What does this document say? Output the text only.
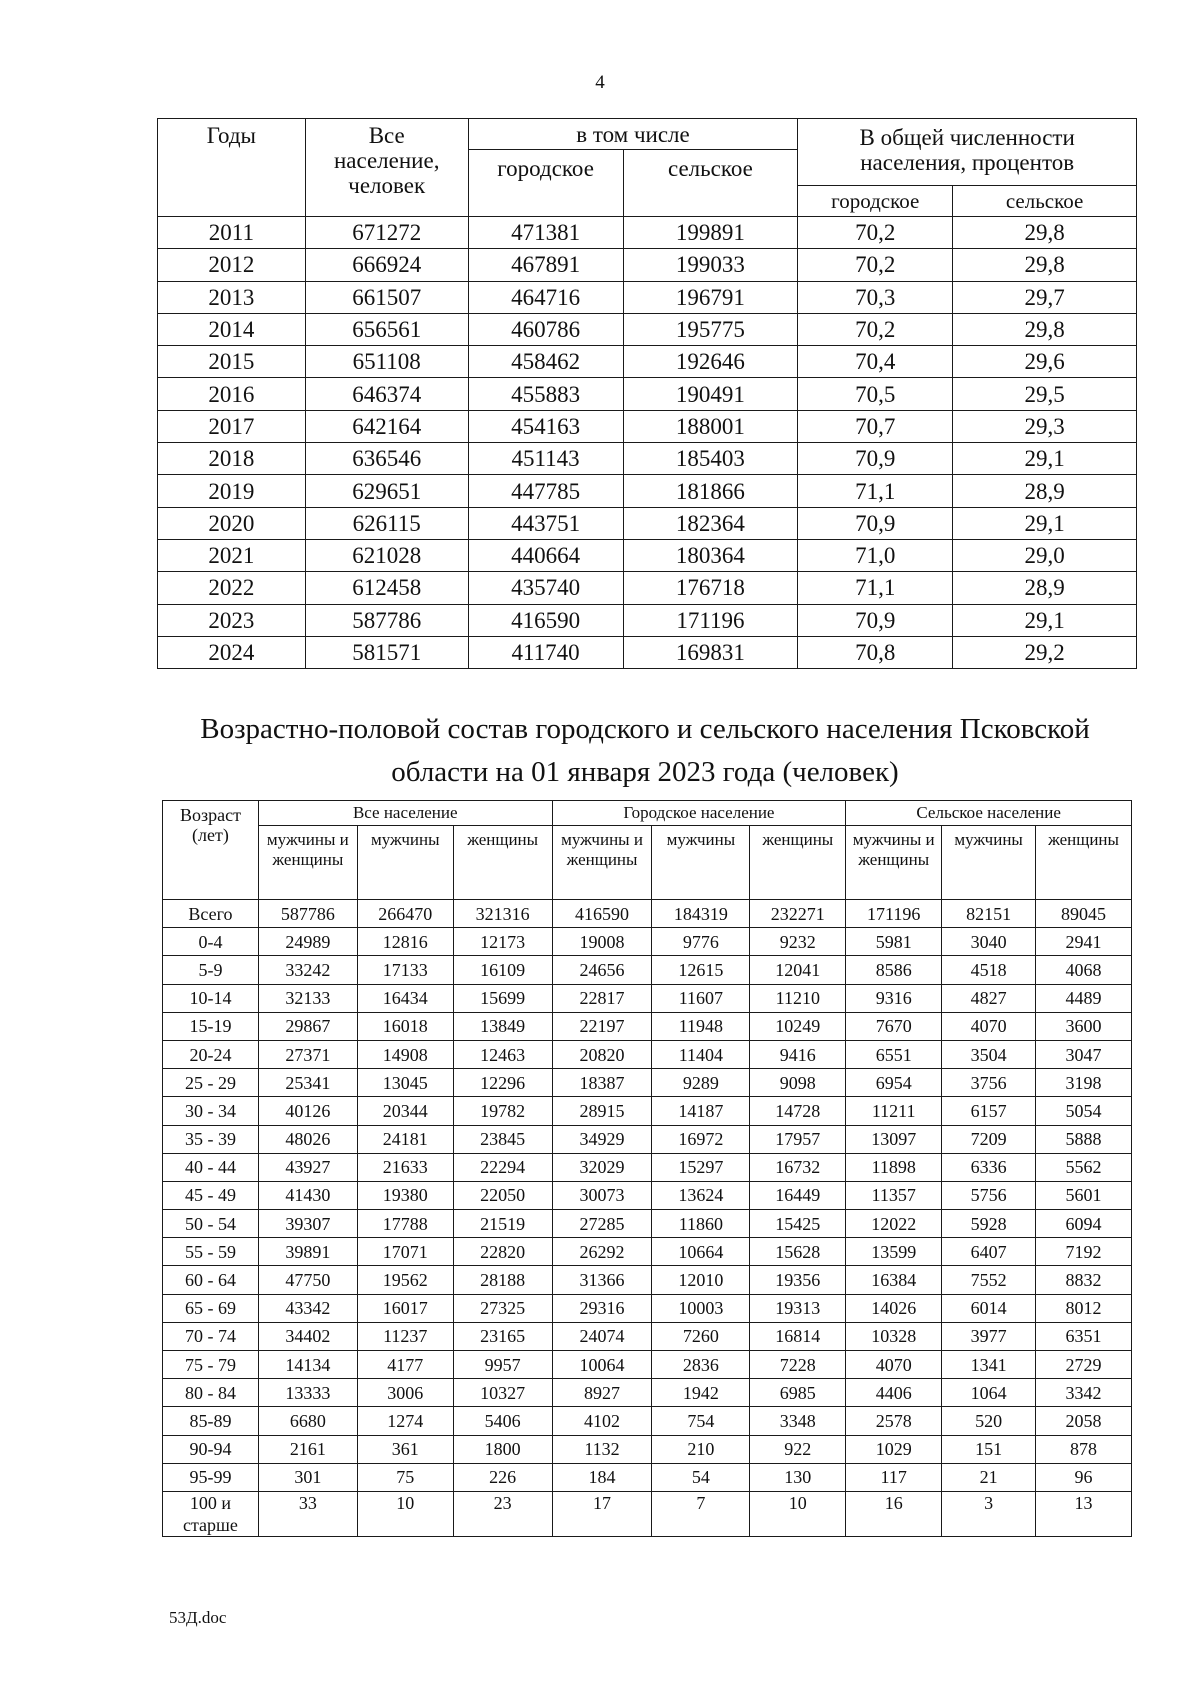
4
Годы	Все население, человек	в том числе		В общей численности населения, процентов	
		городское	сельское		
				городское	сельское
2011	671272	471381	199891	70,2	29,8
2012	666924	467891	199033	70,2	29,8
2013	661507	464716	196791	70,3	29,7
2014	656561	460786	195775	70,2	29,8
2015	651108	458462	192646	70,4	29,6
2016	646374	455883	190491	70,5	29,5
2017	642164	454163	188001	70,7	29,3
2018	636546	451143	185403	70,9	29,1
2019	629651	447785	181866	71,1	28,9
2020	626115	443751	182364	70,9	29,1
2021	621028	440664	180364	71,0	29,0
2022	612458	435740	176718	71,1	28,9
2023	587786	416590	171196	70,9	29,1
2024	581571	411740	169831	70,8	29,2
Возрастно-половой состав городского и сельского населения Псковской области на 01 января 2023 года (человек)
Возраст (лет)	Все население			Городское население			Сельское население		
	мужчины и женщины	мужчины	женщины	мужчины и женщины	мужчины	женщины	мужчины и женщины	мужчины	женщины
Всего	587786	266470	321316	416590	184319	232271	171196	82151	89045
0-4	24989	12816	12173	19008	9776	9232	5981	3040	2941
5-9	33242	17133	16109	24656	12615	12041	8586	4518	4068
10-14	32133	16434	15699	22817	11607	11210	9316	4827	4489
15-19	29867	16018	13849	22197	11948	10249	7670	4070	3600
20-24	27371	14908	12463	20820	11404	9416	6551	3504	3047
25 - 29	25341	13045	12296	18387	9289	9098	6954	3756	3198
30 - 34	40126	20344	19782	28915	14187	14728	11211	6157	5054
35 - 39	48026	24181	23845	34929	16972	17957	13097	7209	5888
40 - 44	43927	21633	22294	32029	15297	16732	11898	6336	5562
45 - 49	41430	19380	22050	30073	13624	16449	11357	5756	5601
50 - 54	39307	17788	21519	27285	11860	15425	12022	5928	6094
55 - 59	39891	17071	22820	26292	10664	15628	13599	6407	7192
60 - 64	47750	19562	28188	31366	12010	19356	16384	7552	8832
65 - 69	43342	16017	27325	29316	10003	19313	14026	6014	8012
70 - 74	34402	11237	23165	24074	7260	16814	10328	3977	6351
75 - 79	14134	4177	9957	10064	2836	7228	4070	1341	2729
80 - 84	13333	3006	10327	8927	1942	6985	4406	1064	3342
85-89	6680	1274	5406	4102	754	3348	2578	520	2058
90-94	2161	361	1800	1132	210	922	1029	151	878
95-99	301	75	226	184	54	130	117	21	96
100 и старше	33	10	23	17	7	10	16	3	13
53Д.doc
